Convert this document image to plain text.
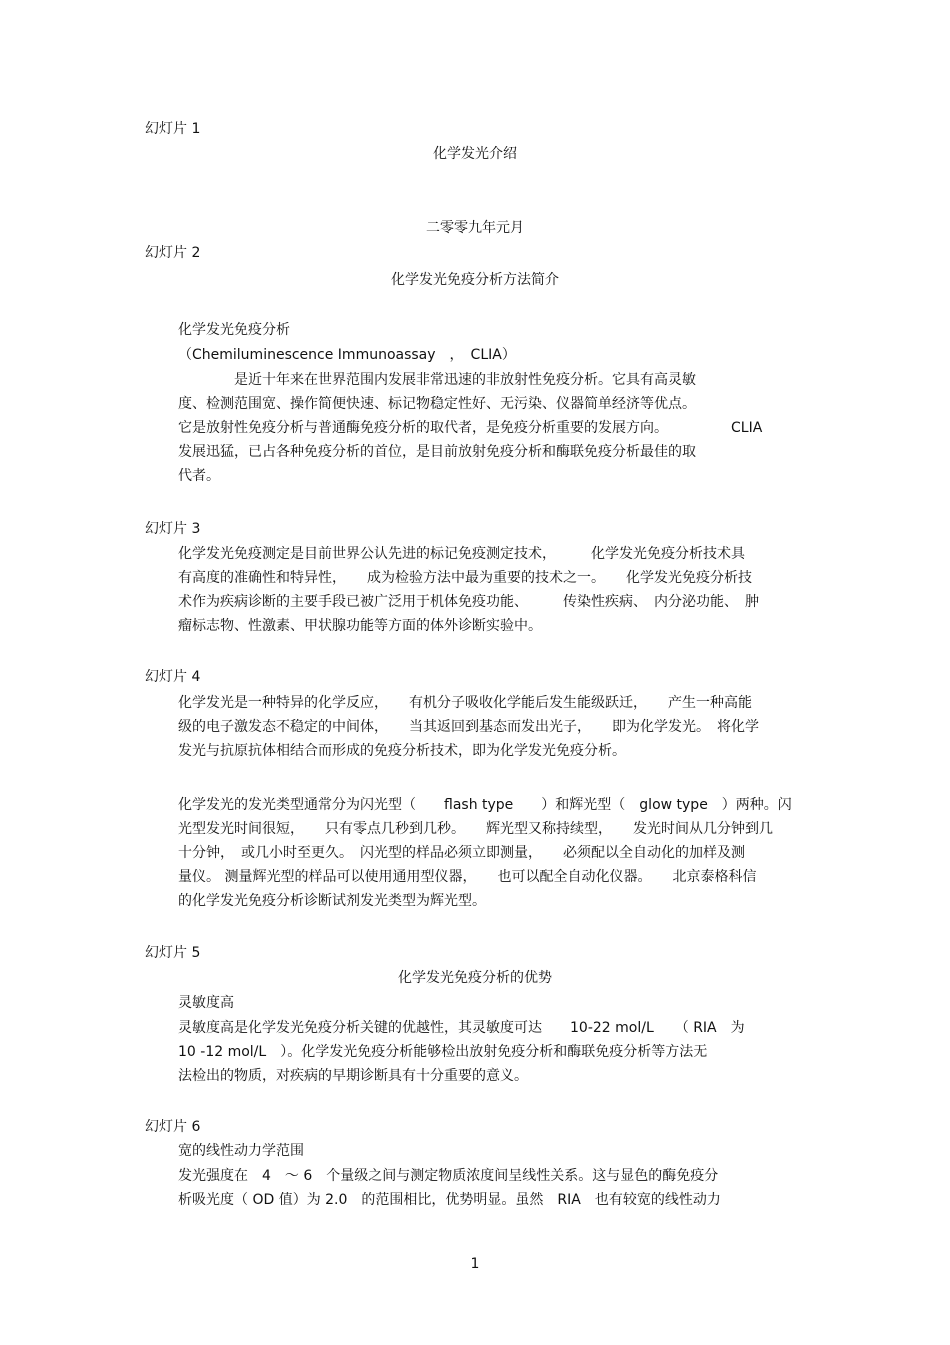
幻灯片 1
化学发光介绍
二零零九年元月
幻灯片 2
化学发光免疫分析方法简介
化学发光免疫分析
（Chemiluminescence Immunoassay　，　CLIA）
　　　　是近十年来在世界范围内发展非常迅速的非放射性免疫分析。它具有高灵敏
度、检测范围宽、操作简便快速、标记物稳定性好、无污染、仪器简单经济等优点。
它是放射性免疫分析与普通酶免疫分析的取代者，是免疫分析重要的发展方向。　　　　　CLIA
发展迅猛，已占各种免疫分析的首位，是目前放射免疫分析和酶联免疫分析最佳的取
代者。
幻灯片 3
化学发光免疫测定是目前世界公认先进的标记免疫测定技术，　　　化学发光免疫分析技术具
有高度的准确性和特异性，　　成为检验方法中最为重要的技术之一。　　化学发光免疫分析技
术作为疾病诊断的主要手段已被广泛用于机体免疫功能、　　　传染性疾病、　内分泌功能、　肿
瘤标志物、性激素、甲状腺功能等方面的体外诊断实验中。
幻灯片 4
化学发光是一种特异的化学反应，　　有机分子吸收化学能后发生能级跃迁，　　产生一种高能
级的电子激发态不稳定的中间体，　　当其返回到基态而发出光子，　　即为化学发光。　将化学
发光与抗原抗体相结合而形成的免疫分析技术，即为化学发光免疫分析。
化学发光的发光类型通常分为闪光型（　　flash type　　）和辉光型（　glow type　）两种。闪
光型发光时间很短，　　只有零点几秒到几秒。　　辉光型又称持续型，　　发光时间从几分钟到几
十分钟，　或几小时至更久。　闪光型的样品必须立即测量，　　必须配以全自动化的加样及测
量仪。 测量辉光型的样品可以使用通用型仪器，　　也可以配全自动化仪器。　　北京泰格科信
的化学发光免疫分析诊断试剂发光类型为辉光型。
幻灯片 5
化学发光免疫分析的优势
灵敏度高
灵敏度高是化学发光免疫分析关键的优越性，其灵敏度可达　　10-22 mol/L　　（ RIA　为
10 -12 mol/L　）。化学发光免疫分析能够检出放射免疫分析和酶联免疫分析等方法无
法检出的物质，对疾病的早期诊断具有十分重要的意义。
幻灯片 6
宽的线性动力学范围
发光强度在　4　～ 6　个量级之间与测定物质浓度间呈线性关系。这与显色的酶免疫分
析吸光度（ OD 值）为 2.0　的范围相比，优势明显。虽然　RIA　也有较宽的线性动力
1
